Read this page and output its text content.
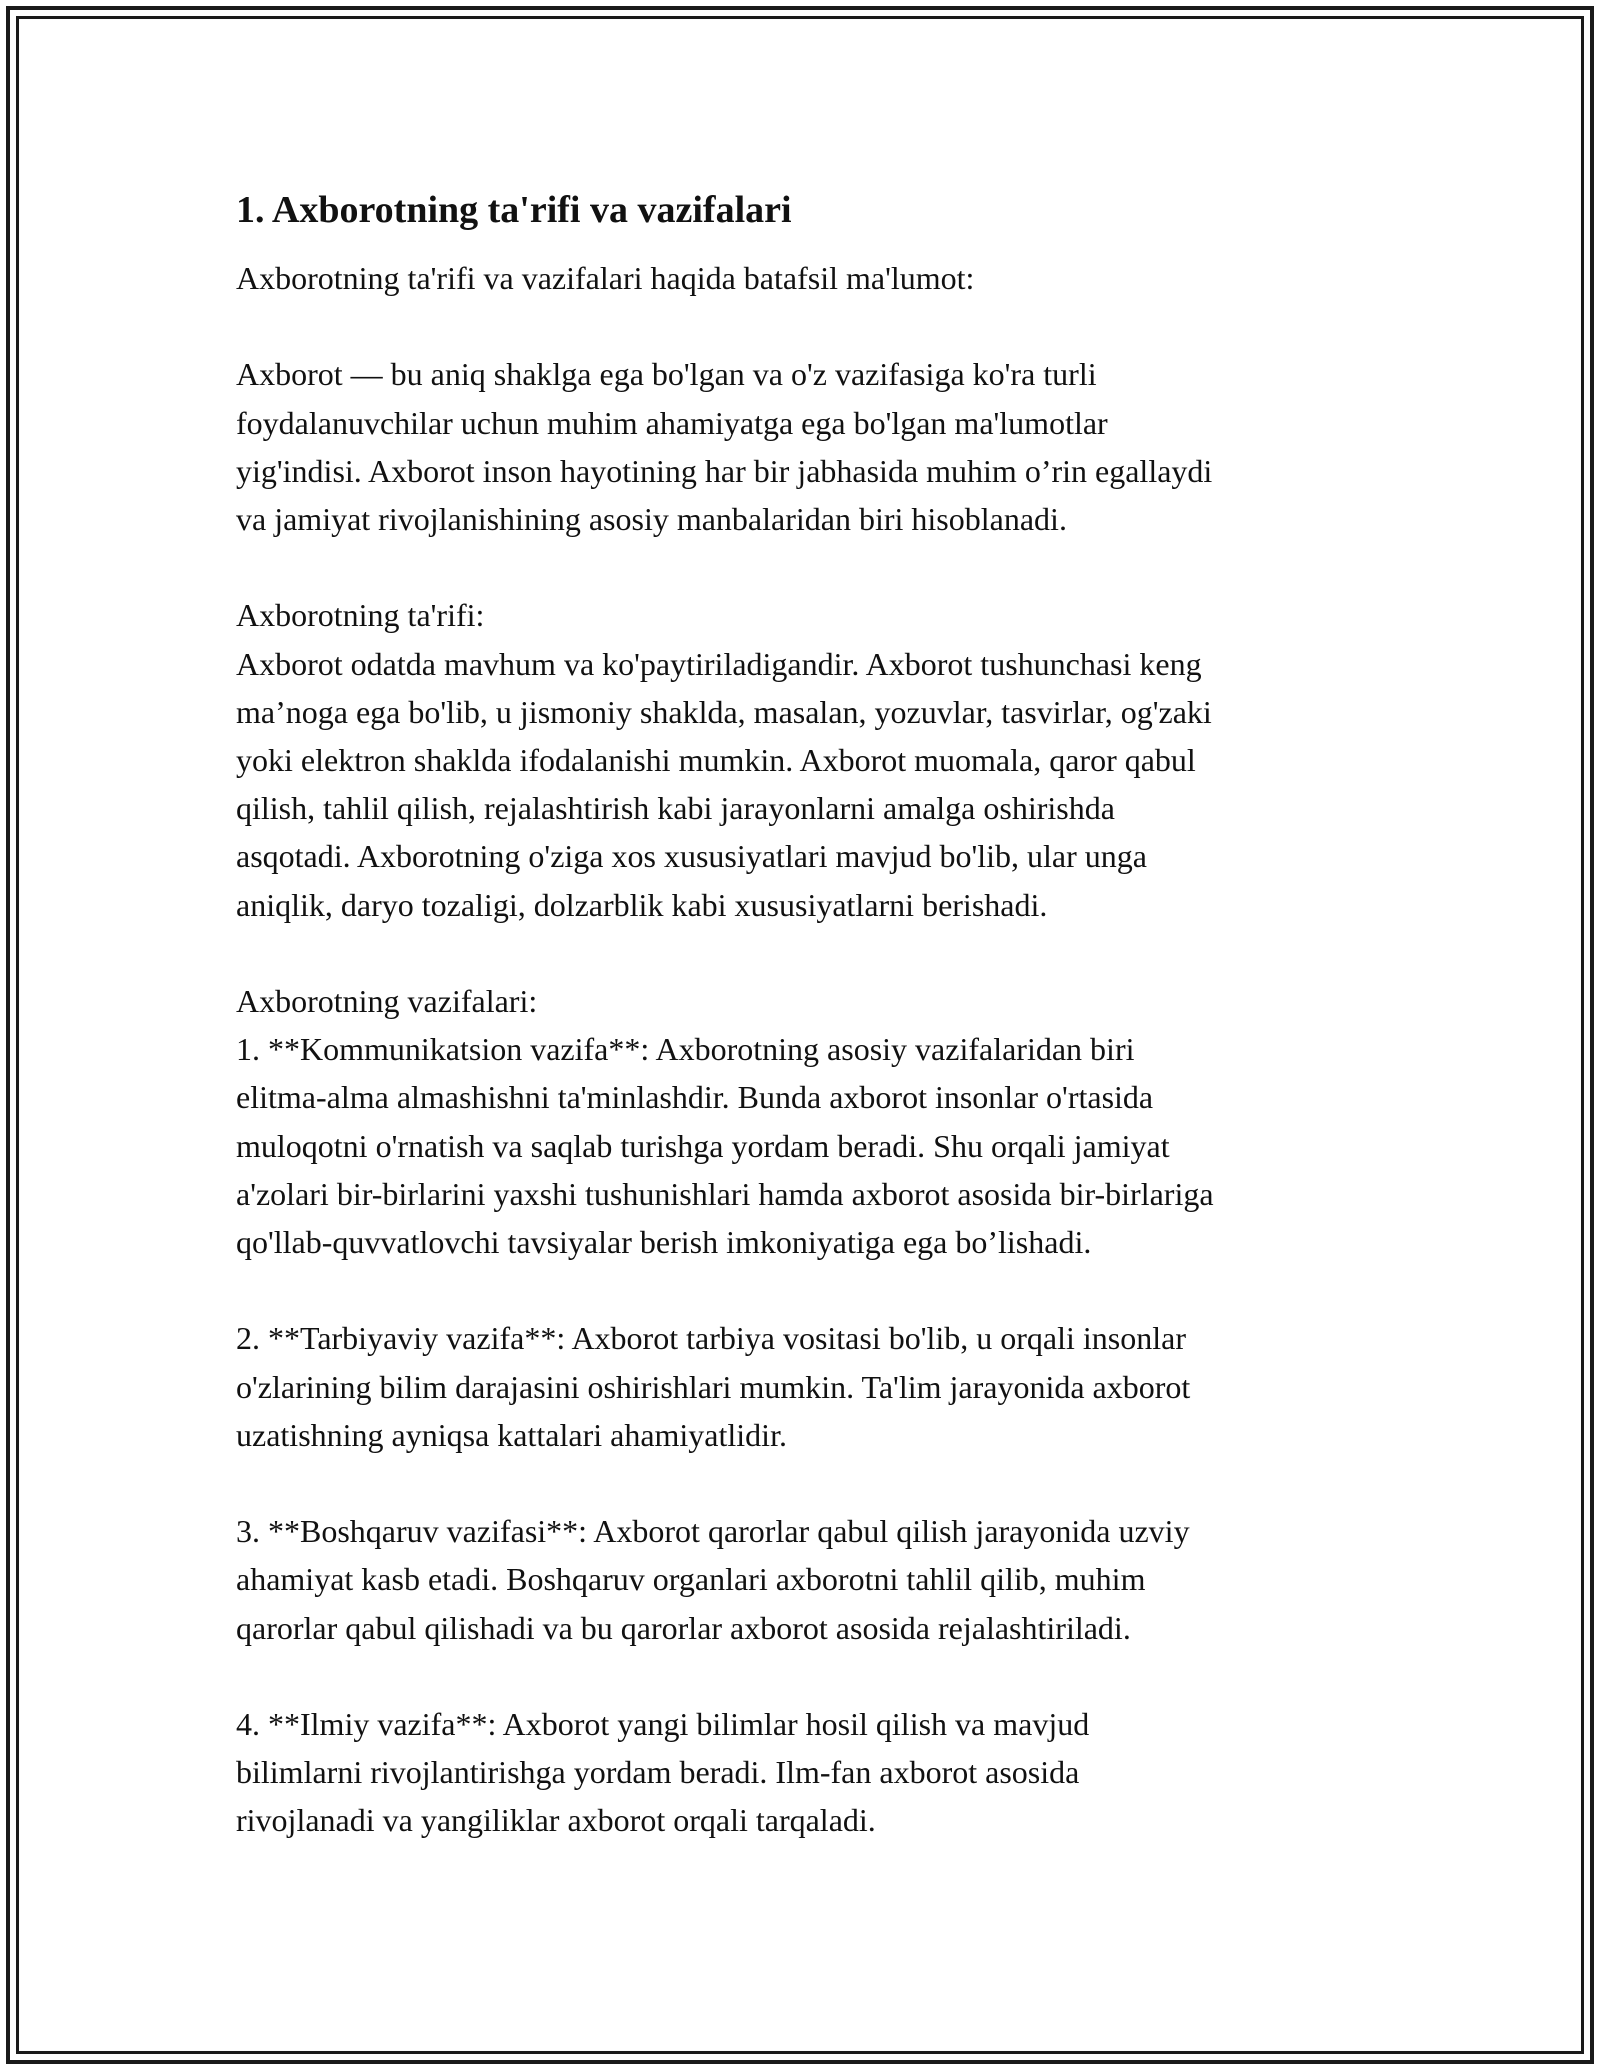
1. Axborotning ta'rifi va vazifalari

Axborotning ta'rifi va vazifalari haqida batafsil ma'lumot:

Axborot — bu aniq shaklga ega bo'lgan va o'z vazifasiga ko'ra turli
foydalanuvchilar uchun muhim ahamiyatga ega bo'lgan ma'lumotlar
yig'indisi. Axborot inson hayotining har bir jabhasida muhim o’rin egallaydi
va jamiyat rivojlanishining asosiy manbalaridan biri hisoblanadi.

Axborotning ta'rifi:
Axborot odatda mavhum va ko'paytiriladigandir. Axborot tushunchasi keng
ma’noga ega bo'lib, u jismoniy shaklda, masalan, yozuvlar, tasvirlar, og'zaki
yoki elektron shaklda ifodalanishi mumkin. Axborot muomala, qaror qabul
qilish, tahlil qilish, rejalashtirish kabi jarayonlarni amalga oshirishda
asqotadi. Axborotning o'ziga xos xususiyatlari mavjud bo'lib, ular unga
aniqlik, daryo tozaligi, dolzarblik kabi xususiyatlarni berishadi.

Axborotning vazifalari:
1. **Kommunikatsion vazifa**: Axborotning asosiy vazifalaridan biri
elitma-alma almashishni ta'minlashdir. Bunda axborot insonlar o'rtasida
muloqotni o'rnatish va saqlab turishga yordam beradi. Shu orqali jamiyat
a'zolari bir-birlarini yaxshi tushunishlari hamda axborot asosida bir-birlariga
qo'llab-quvvatlovchi tavsiyalar berish imkoniyatiga ega bo’lishadi.

2. **Tarbiyaviy vazifa**: Axborot tarbiya vositasi bo'lib, u orqali insonlar
o'zlarining bilim darajasini oshirishlari mumkin. Ta'lim jarayonida axborot
uzatishning ayniqsa kattalari ahamiyatlidir.

3. **Boshqaruv vazifasi**: Axborot qarorlar qabul qilish jarayonida uzviy
ahamiyat kasb etadi. Boshqaruv organlari axborotni tahlil qilib, muhim
qarorlar qabul qilishadi va bu qarorlar axborot asosida rejalashtiriladi.

4. **Ilmiy vazifa**: Axborot yangi bilimlar hosil qilish va mavjud
bilimlarni rivojlantirishga yordam beradi. Ilm-fan axborot asosida
rivojlanadi va yangiliklar axborot orqali tarqaladi.
